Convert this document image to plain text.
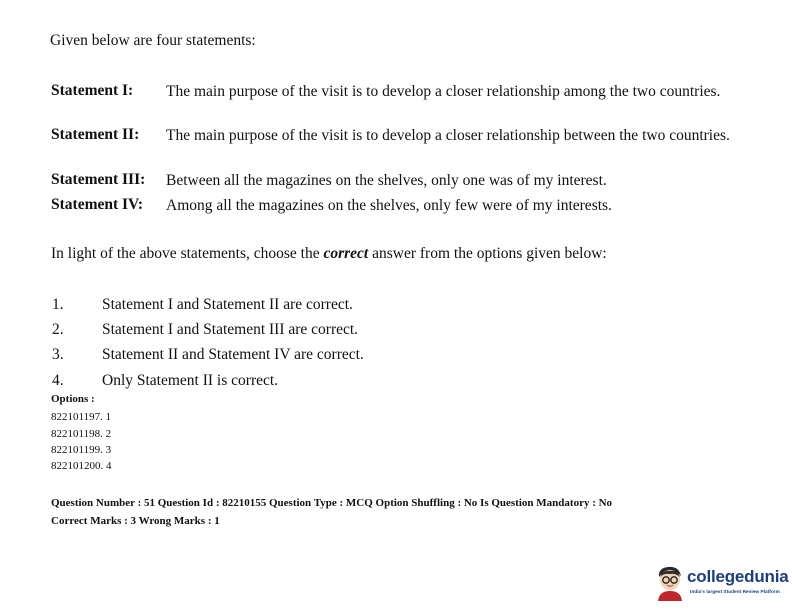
Given below are four statements:
Statement I: The main purpose of the visit is to develop a closer relationship among the two countries.
Statement II: The main purpose of the visit is to develop a closer relationship between the two countries.
Statement III: Between all the magazines on the shelves, only one was of my interest.
Statement IV: Among all the magazines on the shelves, only few were of my interests.
In light of the above statements, choose the correct answer from the options given below:
1. Statement I and Statement II are correct.
2. Statement I and Statement III are correct.
3. Statement II and Statement IV are correct.
4. Only Statement II is correct.
Options :
822101197. 1
822101198. 2
822101199. 3
822101200. 4
Question Number : 51 Question Id : 82210155 Question Type : MCQ Option Shuffling : No Is Question Mandatory : No
Correct Marks : 3 Wrong Marks : 1
collegedunia
India's largest Student Review Platform
